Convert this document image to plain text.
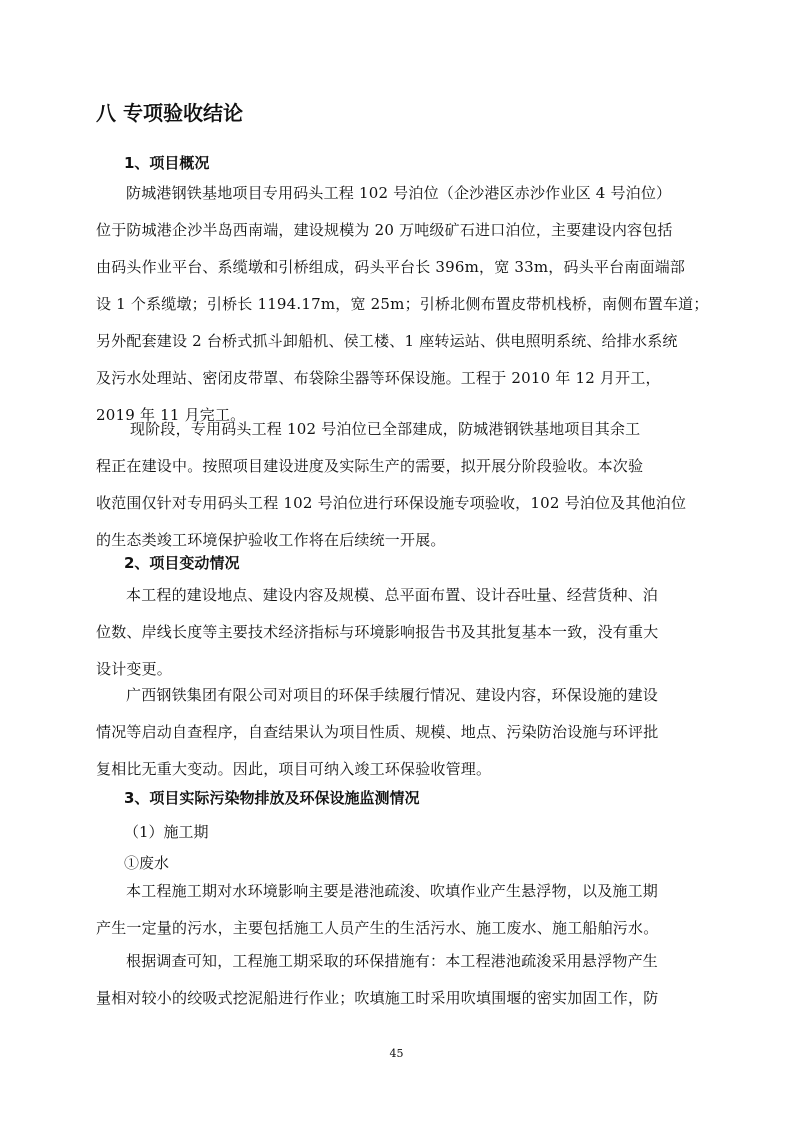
八 专项验收结论
1、项目概况

防城港钢铁基地项目专用码头工程 102 号泊位（企沙港区赤沙作业区 4 号泊位）

位于防城港企沙半岛西南端，建设规模为 20 万吨级矿石进口泊位，主要建设内容包括

由码头作业平台、系缆墩和引桥组成，码头平台长 396m，宽 33m，码头平台南面端部

设 1 个系缆墩；引桥长 1194.17m，宽 25m；引桥北侧布置皮带机栈桥，南侧布置车道；

另外配套建设 2 台桥式抓斗卸船机、侯工楼、1 座转运站、供电照明系统、给排水系统

及污水处理站、密闭皮带罩、布袋除尘器等环保设施。工程于 2010 年 12 月开工，

2019 年 11 月完工。

现阶段，专用码头工程 102 号泊位已全部建成，防城港钢铁基地项目其余工

程正在建设中。按照项目建设进度及实际生产的需要，拟开展分阶段验收。本次验

收范围仅针对专用码头工程 102 号泊位进行环保设施专项验收，102 号泊位及其他泊位

的生态类竣工环境保护验收工作将在后续统一开展。

2、项目变动情况

本工程的建设地点、建设内容及规模、总平面布置、设计吞吐量、经营货种、泊

位数、岸线长度等主要技术经济指标与环境影响报告书及其批复基本一致，没有重大

设计变更。

广西钢铁集团有限公司对项目的环保手续履行情况、建设内容，环保设施的建设

情况等启动自查程序，自查结果认为项目性质、规模、地点、污染防治设施与环评批

复相比无重大变动。因此，项目可纳入竣工环保验收管理。

3、项目实际污染物排放及环保设施监测情况

（1）施工期

①废水

本工程施工期对水环境影响主要是港池疏浚、吹填作业产生悬浮物，以及施工期

产生一定量的污水，主要包括施工人员产生的生活污水、施工废水、施工船舶污水。

根据调查可知，工程施工期采取的环保措施有：本工程港池疏浚采用悬浮物产生

量相对较小的绞吸式挖泥船进行作业；吹填施工时采用吹填围堰的密实加固工作，防

45
